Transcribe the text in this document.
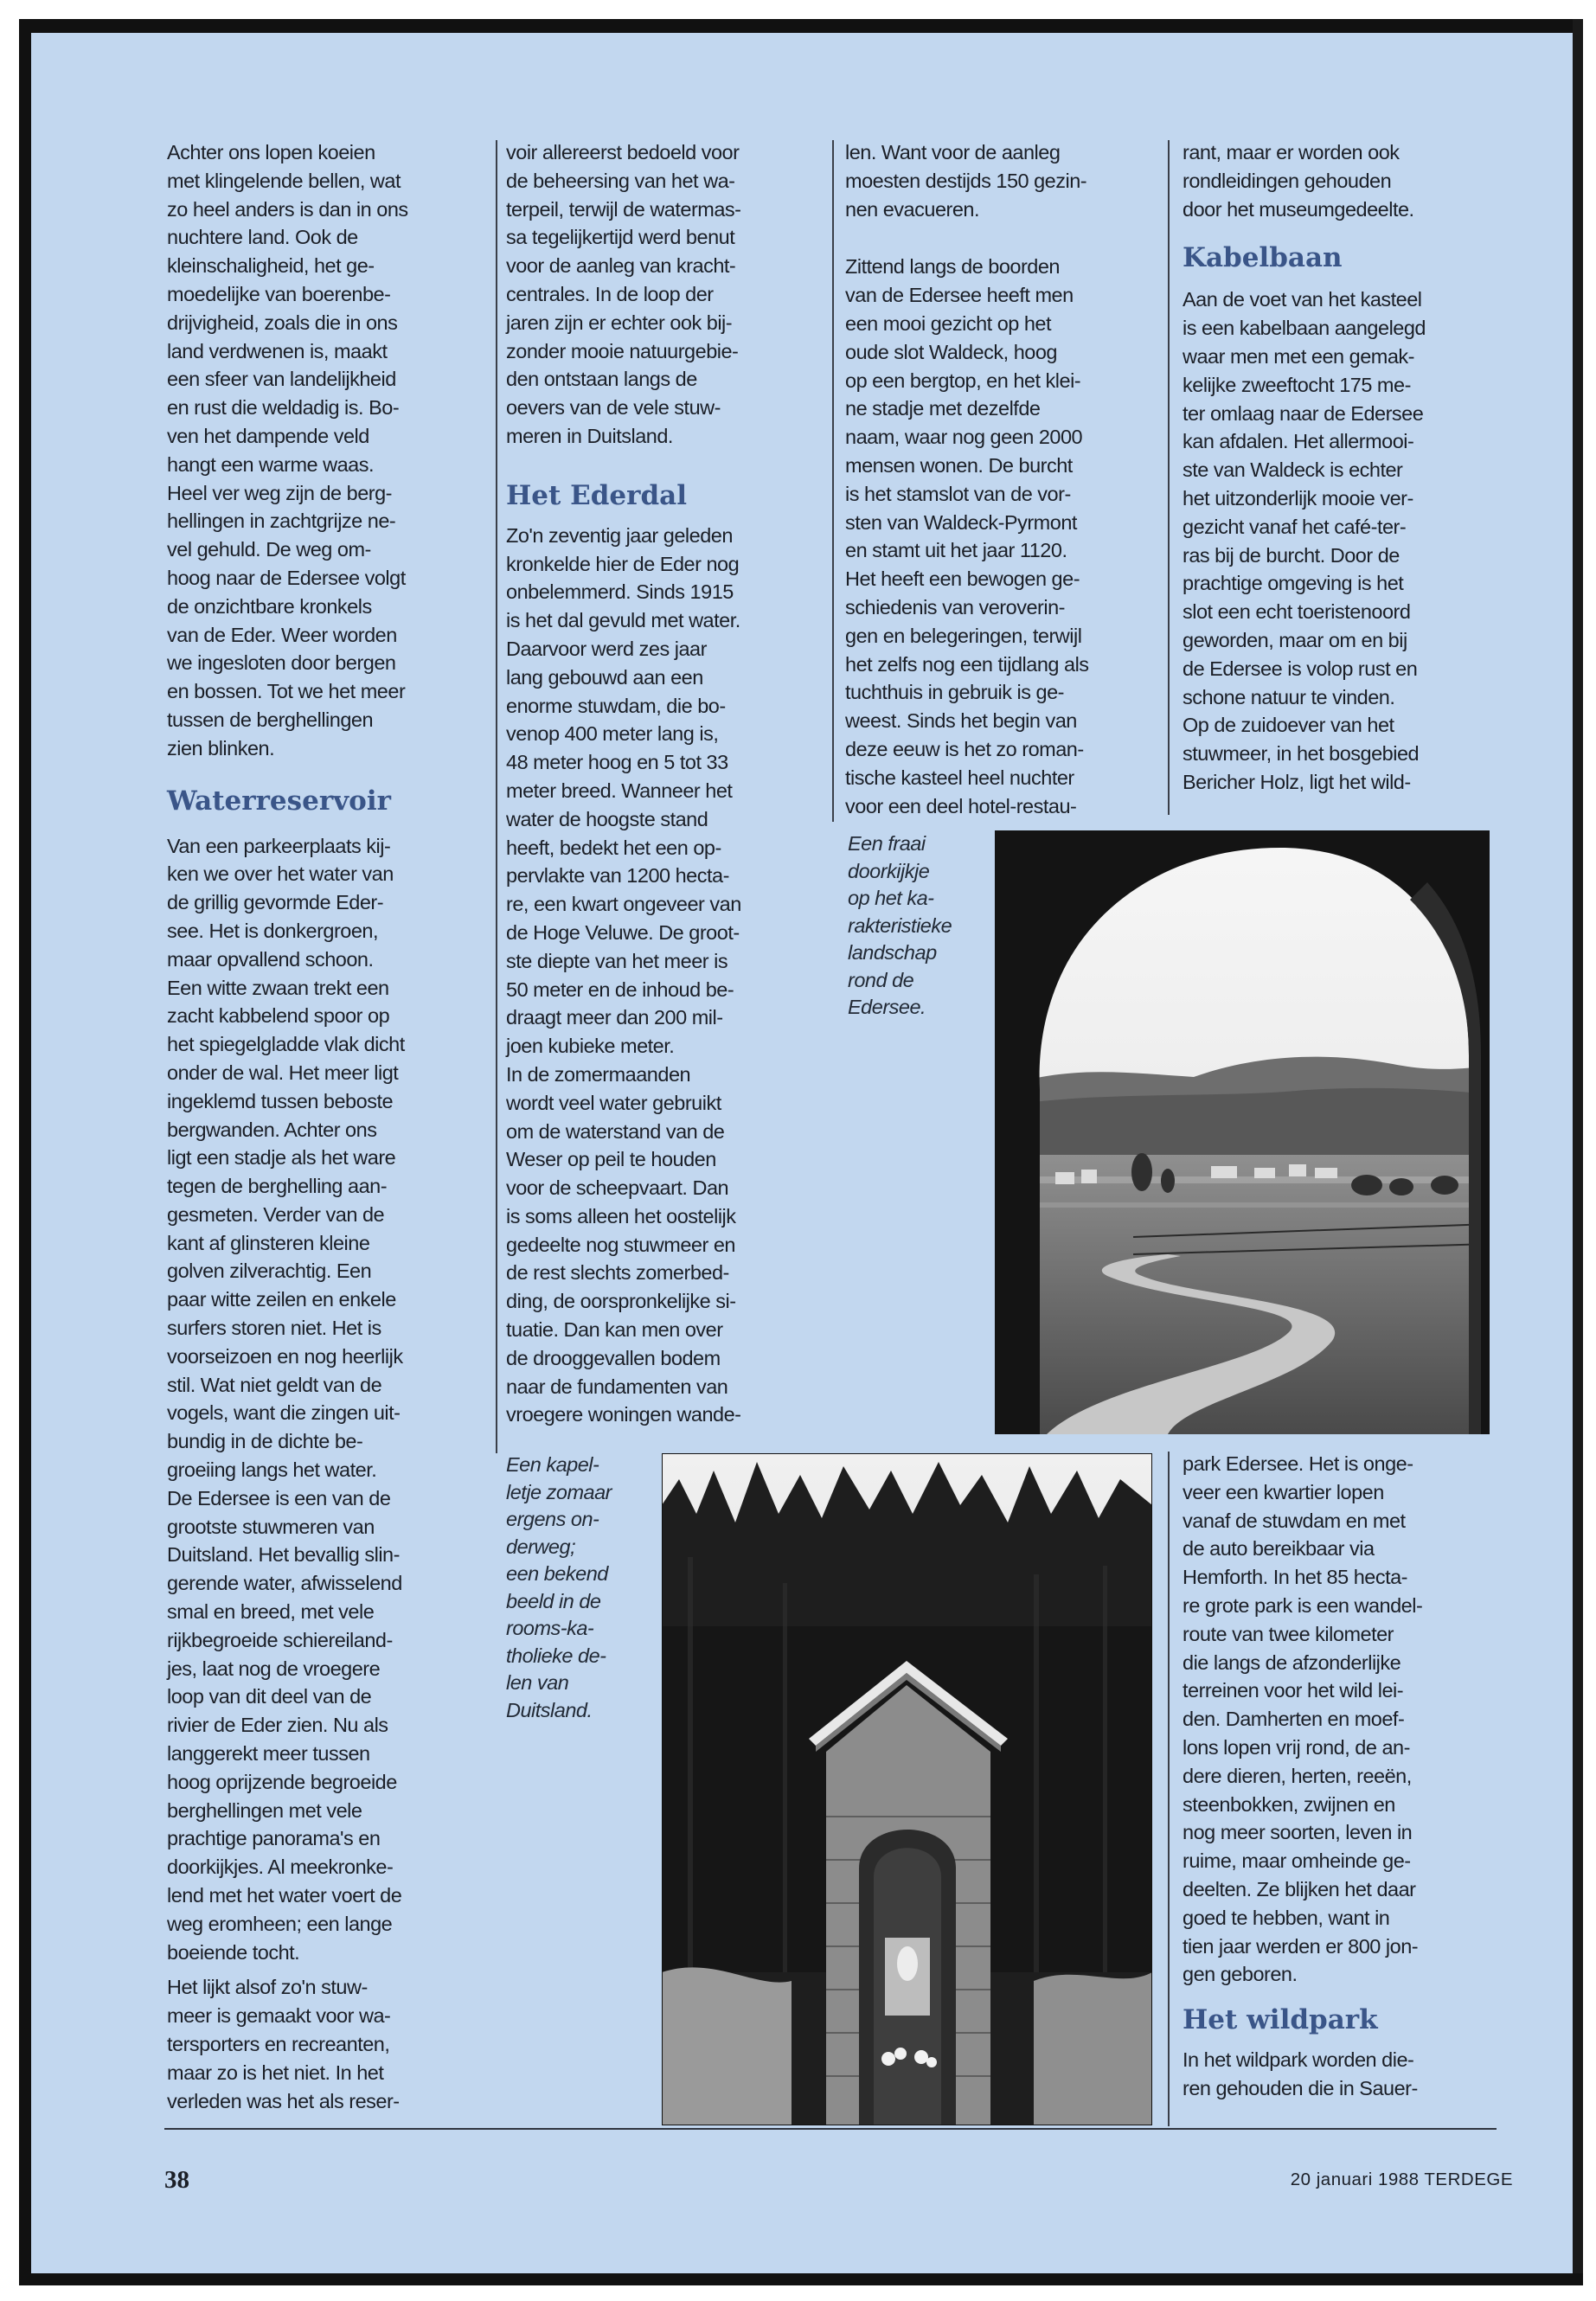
Achter ons lopen koeien
met klingelende bellen, wat
zo heel anders is dan in ons
nuchtere land. Ook de
kleinschaligheid, het ge-
moedelijke van boerenbe-
drijvigheid, zoals die in ons
land verdwenen is, maakt
een sfeer van landelijkheid
en rust die weldadig is. Bo-
ven het dampende veld
hangt een warme waas.
Heel ver weg zijn de berg-
hellingen in zachtgrijze ne-
vel gehuld. De weg om-
hoog naar de Edersee volgt
de onzichtbare kronkels
van de Eder. Weer worden
we ingesloten door bergen
en bossen. Tot we het meer
tussen de berghellingen
zien blinken.
Waterreservoir
Van een parkeerplaats kij-
ken we over het water van
de grillig gevormde Eder-
see. Het is donkergroen,
maar opvallend schoon.
Een witte zwaan trekt een
zacht kabbelend spoor op
het spiegelgladde vlak dicht
onder de wal. Het meer ligt
ingeklemd tussen beboste
bergwanden. Achter ons
ligt een stadje als het ware
tegen de berghelling aan-
gesmeten. Verder van de
kant af glinsteren kleine
golven zilverachtig. Een
paar witte zeilen en enkele
surfers storen niet. Het is
voorseizoen en nog heerlijk
stil. Wat niet geldt van de
vogels, want die zingen uit-
bundig in de dichte be-
groeiing langs het water.
De Edersee is een van de
grootste stuwmeren van
Duitsland. Het bevallig slin-
gerende water, afwisselend
smal en breed, met vele
rijkbegroeide schiereiland-
jes, laat nog de vroegere
loop van dit deel van de
rivier de Eder zien. Nu als
langgerekt meer tussen
hoog oprijzende begroeide
berghellingen met vele
prachtige panorama's en
doorkijkjes. Al meekronke-
lend met het water voert de
weg eromheen; een lange
boeiende tocht.
Het lijkt alsof zo'n stuw-
meer is gemaakt voor wa-
tersporters en recreanten,
maar zo is het niet. In het
verleden was het als reser-
voir allereerst bedoeld voor
de beheersing van het wa-
terpeil, terwijl de watermas-
sa tegelijkertijd werd benut
voor de aanleg van kracht-
centrales. In de loop der
jaren zijn er echter ook bij-
zonder mooie natuurgebie-
den ontstaan langs de
oevers van de vele stuw-
meren in Duitsland.
Het Ederdal
Zo'n zeventig jaar geleden
kronkelde hier de Eder nog
onbelemmerd. Sinds 1915
is het dal gevuld met water.
Daarvoor werd zes jaar
lang gebouwd aan een
enorme stuwdam, die bo-
venop 400 meter lang is,
48 meter hoog en 5 tot 33
meter breed. Wanneer het
water de hoogste stand
heeft, bedekt het een op-
pervlakte van 1200 hecta-
re, een kwart ongeveer van
de Hoge Veluwe. De groot-
ste diepte van het meer is
50 meter en de inhoud be-
draagt meer dan 200 mil-
joen kubieke meter.
In de zomermaanden
wordt veel water gebruikt
om de waterstand van de
Weser op peil te houden
voor de scheepvaart. Dan
is soms alleen het oostelijk
gedeelte nog stuwmeer en
de rest slechts zomerbed-
ding, de oorspronkelijke si-
tuatie. Dan kan men over
de drooggevallen bodem
naar de fundamenten van
vroegere woningen wande-
len. Want voor de aanleg
moesten destijds 150 gezin-
nen evacueren.
Zittend langs de boorden
van de Edersee heeft men
een mooi gezicht op het
oude slot Waldeck, hoog
op een bergtop, en het klei-
ne stadje met dezelfde
naam, waar nog geen 2000
mensen wonen. De burcht
is het stamslot van de vor-
sten van Waldeck-Pyrmont
en stamt uit het jaar 1120.
Het heeft een bewogen ge-
schiedenis van veroverin-
gen en belegeringen, terwijl
het zelfs nog een tijdlang als
tuchthuis in gebruik is ge-
weest. Sinds het begin van
deze eeuw is het zo roman-
tische kasteel heel nuchter
voor een deel hotel-restau-
rant, maar er worden ook
rondleidingen gehouden
door het museumgedeelte.
Kabelbaan
Aan de voet van het kasteel
is een kabelbaan aangelegd
waar men met een gemak-
kelijke zweeftocht 175 me-
ter omlaag naar de Edersee
kan afdalen. Het allermooi-
ste van Waldeck is echter
het uitzonderlijk mooie ver-
gezicht vanaf het café-ter-
ras bij de burcht. Door de
prachtige omgeving is het
slot een echt toeristenoord
geworden, maar om en bij
de Edersee is volop rust en
schone natuur te vinden.
Op de zuidoever van het
stuwmeer, in het bosgebied
Bericher Holz, ligt het wild-
park Edersee. Het is onge-
veer een kwartier lopen
vanaf de stuwdam en met
de auto bereikbaar via
Hemforth. In het 85 hecta-
re grote park is een wandel-
route van twee kilometer
die langs de afzonderlijke
terreinen voor het wild lei-
den. Damherten en moef-
lons lopen vrij rond, de an-
dere dieren, herten, reeën,
steenbokken, zwijnen en
nog meer soorten, leven in
ruime, maar omheinde ge-
deelten. Ze blijken het daar
goed te hebben, want in
tien jaar werden er 800 jon-
gen geboren.
Het wildpark
In het wildpark worden die-
ren gehouden die in Sauer-
Een fraai
doorkijkje
op het ka-
rakteristieke
landschap
rond de
Edersee.
Een kapel-
letje zomaar
ergens on-
derweg;
een bekend
beeld in de
rooms-ka-
tholieke de-
len van
Duitsland.
38	20 januari 1988 TERDEGE
